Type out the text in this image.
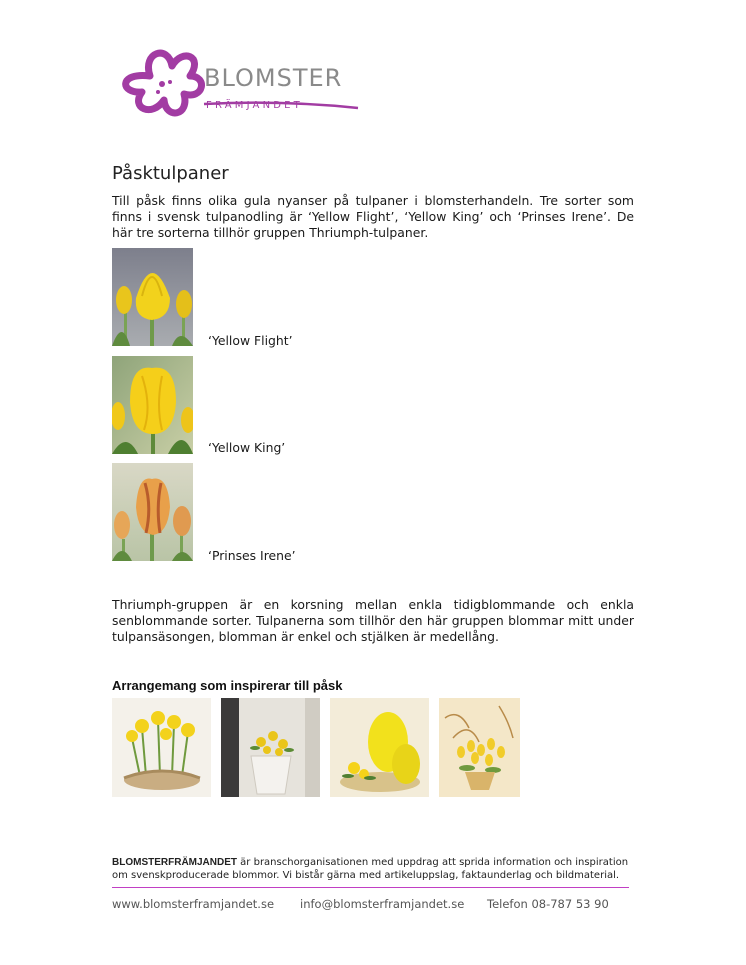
BLOMSTER
FRÄMJANDET
Påsktulpaner

Till påsk finns olika gula nyanser på tulpaner i blomsterhandeln. Tre sorter som finns i svensk tulpanodling är ‘Yellow Flight’, ‘Yellow King’ och ‘Prinses Irene’. De här tre sorterna tillhör gruppen Thriumph-tulpaner.

‘Yellow Flight’
‘Yellow King’
‘Prinses Irene’

Thriumph-gruppen är en korsning mellan enkla tidigblommande och enkla senblommande sorter. Tulpanerna som tillhör den här gruppen blommar mitt under tulpansäsongen, blomman är enkel och stjälken är medellång.

Arrangemang som inspirerar till påsk

BLOMSTERFRÄMJANDET är branschorganisationen med uppdrag att sprida information och inspiration om svenskproducerade blommor. Vi bistår gärna med artikeluppslag, faktaunderlag och bildmaterial.

www.blomsterframjandet.se info@blomsterframjandet.se Telefon 08-787 53 90
